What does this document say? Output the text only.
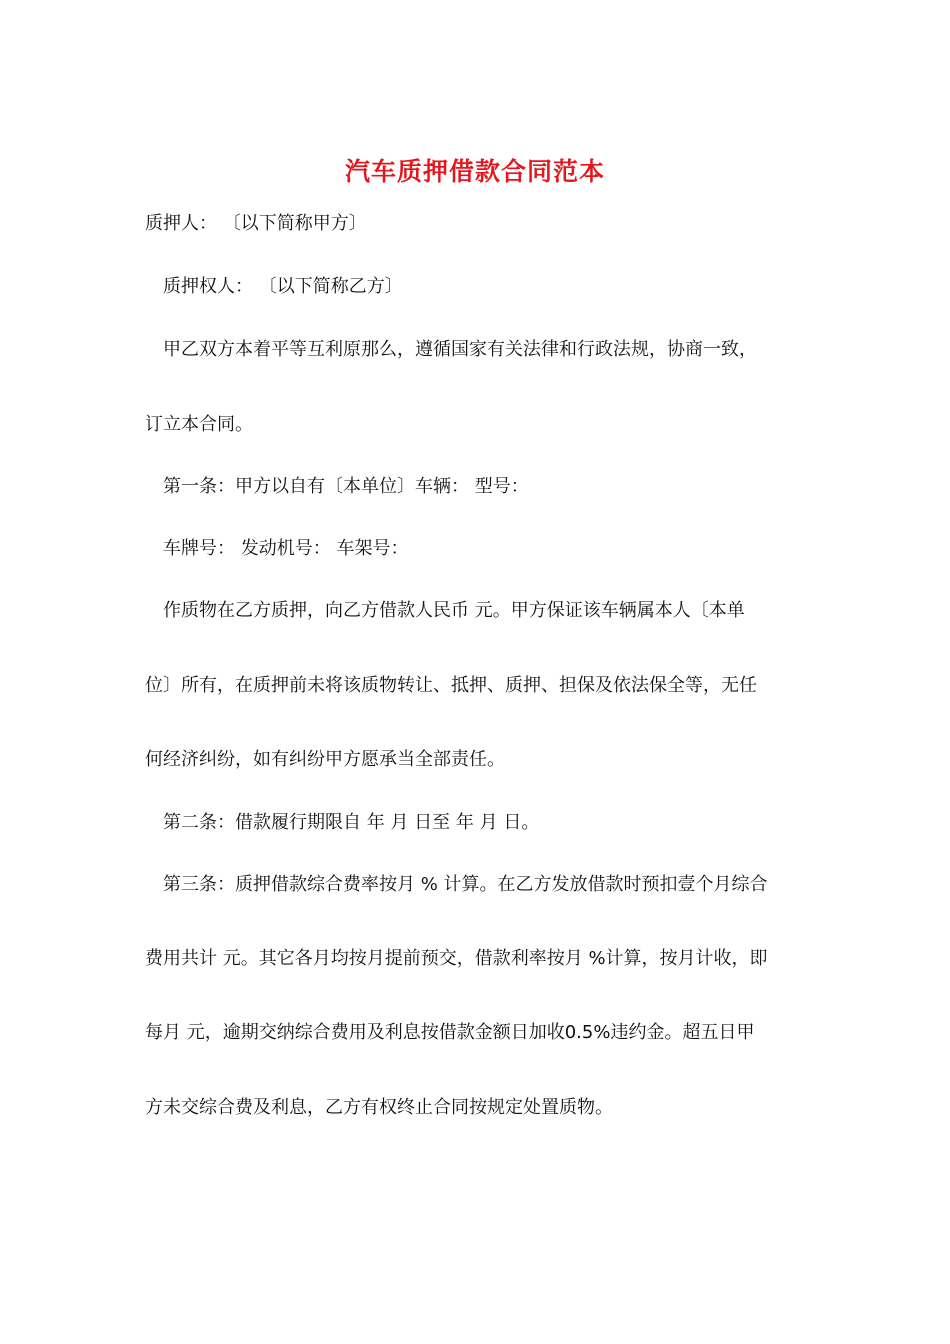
汽车质押借款合同范本
质押人： 〔以下简称甲方〕
质押权人： 〔以下简称乙方〕
甲乙双方本着平等互利原那么，遵循国家有关法律和行政法规，协商一致，
订立本合同。
第一条：甲方以自有〔本单位〕车辆： 型号：
车牌号： 发动机号： 车架号：
作质物在乙方质押，向乙方借款人民币 元。甲方保证该车辆属本人〔本单
位〕所有，在质押前未将该质物转让、抵押、质押、担保及依法保全等，无任
何经济纠纷，如有纠纷甲方愿承当全部责任。
第二条：借款履行期限自 年 月 日至 年 月 日。
第三条：质押借款综合费率按月 % 计算。在乙方发放借款时预扣壹个月综合
费用共计 元。其它各月均按月提前预交，借款利率按月 %计算，按月计收，即
每月 元，逾期交纳综合费用及利息按借款金额日加收0.5%违约金。超五日甲
方未交综合费及利息，乙方有权终止合同按规定处置质物。
